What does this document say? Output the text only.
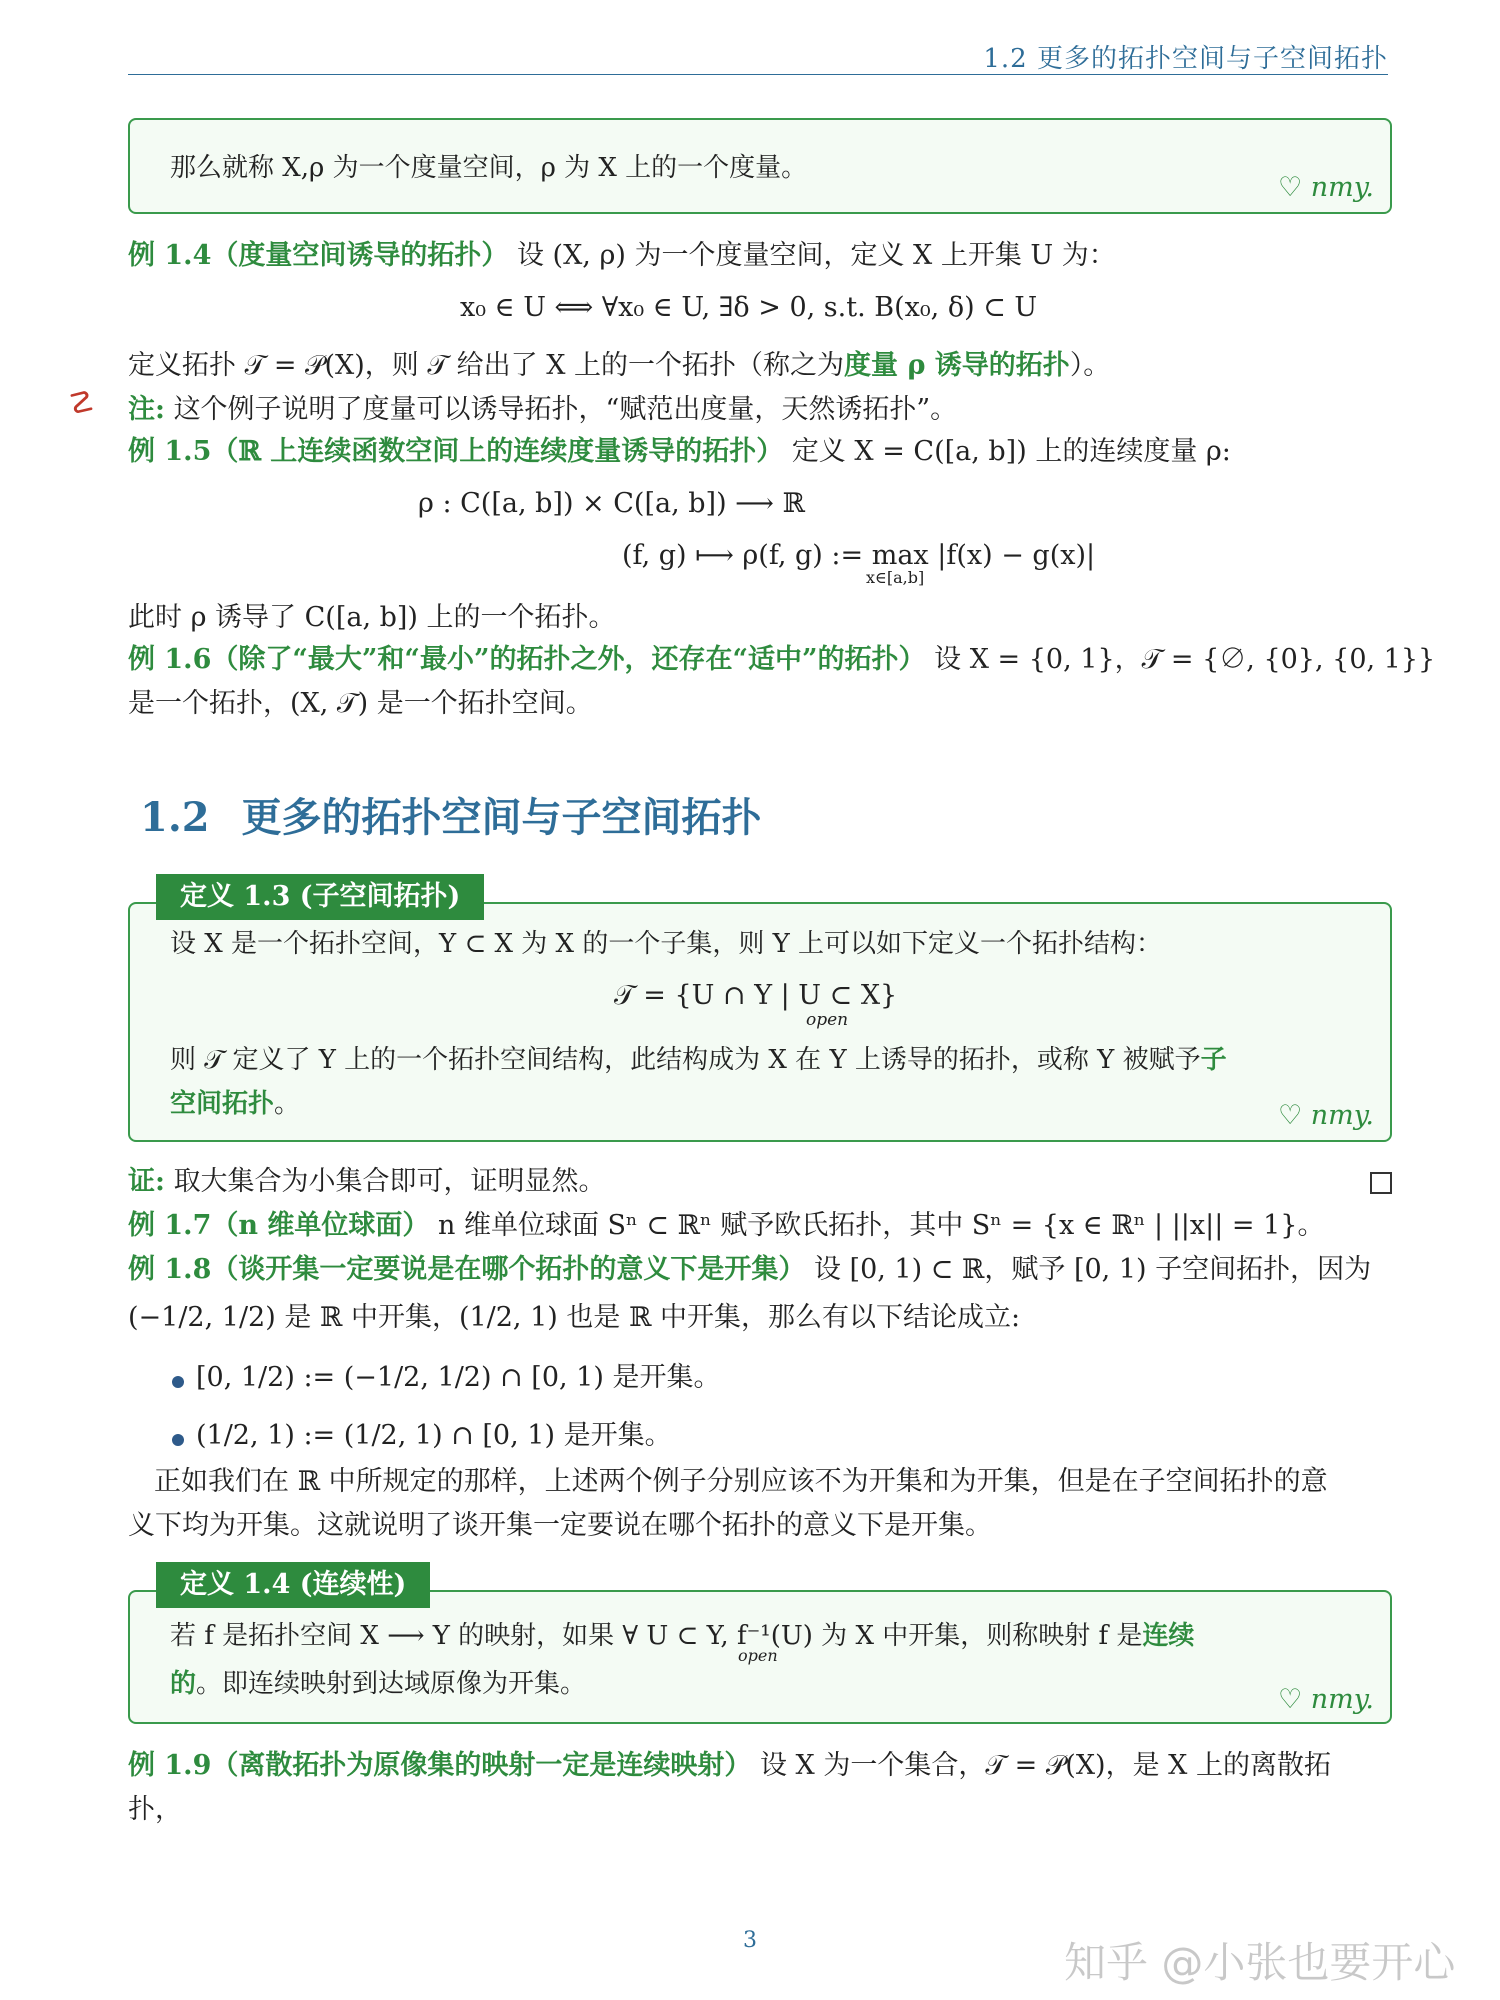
1.2 更多的拓扑空间与子空间拓扑
那么就称 X,ρ 为一个度量空间，ρ 为 X 上的一个度量。
♡ nmy.
例 1.4（度量空间诱导的拓扑） 设 (X, ρ) 为一个度量空间，定义 X 上开集 U 为：
x₀ ∈ U ⟺ ∀x₀ ∈ U, ∃δ > 0, s.t. B(x₀, δ) ⊂ U
定义拓扑 𝒯 = 𝒫(X)，则 𝒯 给出了 X 上的一个拓扑（称之为度量 ρ 诱导的拓扑）。
☡ 注: 这个例子说明了度量可以诱导拓扑，“赋范出度量，天然诱拓扑”。
例 1.5（ℝ 上连续函数空间上的连续度量诱导的拓扑） 定义 X = C([a, b]) 上的连续度量 ρ:
ρ : C([a, b]) × C([a, b]) ⟶ ℝ
(f, g) ⟼ ρ(f, g) := max |f(x) − g(x)|
x∈[a,b]
此时 ρ 诱导了 C([a, b]) 上的一个拓扑。
例 1.6（除了“最大”和“最小”的拓扑之外，还存在“适中”的拓扑） 设 X = {0, 1}，𝒯 = {∅, {0}, {0, 1}}
是一个拓扑，(X, 𝒯) 是一个拓扑空间。
1.2 更多的拓扑空间与子空间拓扑
定义 1.3 (子空间拓扑)
设 X 是一个拓扑空间，Y ⊂ X 为 X 的一个子集，则 Y 上可以如下定义一个拓扑结构：
𝒯 = {U ∩ Y | U ⊂ X}
open
则 𝒯 定义了 Y 上的一个拓扑空间结构，此结构成为 X 在 Y 上诱导的拓扑，或称 Y 被赋予子
空间拓扑。	♡ nmy.
证: 取大集合为小集合即可，证明显然。
例 1.7（n 维单位球面） n 维单位球面 Sⁿ ⊂ ℝⁿ 赋予欧氏拓扑，其中 Sⁿ = {x ∈ ℝⁿ | ||x|| = 1}。
例 1.8（谈开集一定要说是在哪个拓扑的意义下是开集） 设 [0, 1) ⊂ ℝ，赋予 [0, 1) 子空间拓扑，因为
(−1/2, 1/2) 是 ℝ 中开集，(1/2, 1) 也是 ℝ 中开集，那么有以下结论成立:
[0, 1/2) := (−1/2, 1/2) ∩ [0, 1) 是开集。
(1/2, 1) := (1/2, 1) ∩ [0, 1) 是开集。
正如我们在 ℝ 中所规定的那样，上述两个例子分别应该不为开集和为开集，但是在子空间拓扑的意
义下均为开集。这就说明了谈开集一定要说在哪个拓扑的意义下是开集。
定义 1.4 (连续性)
若 f 是拓扑空间 X ⟶ Y 的映射，如果 ∀ U ⊂ Y, f⁻¹(U) 为 X 中开集，则称映射 f 是连续
open
的。即连续映射到达域原像为开集。	♡ nmy.
例 1.9（离散拓扑为原像集的映射一定是连续映射） 设 X 为一个集合，𝒯 = 𝒫(X)，是 X 上的离散拓
扑，
3	知乎 @小张也要开心
